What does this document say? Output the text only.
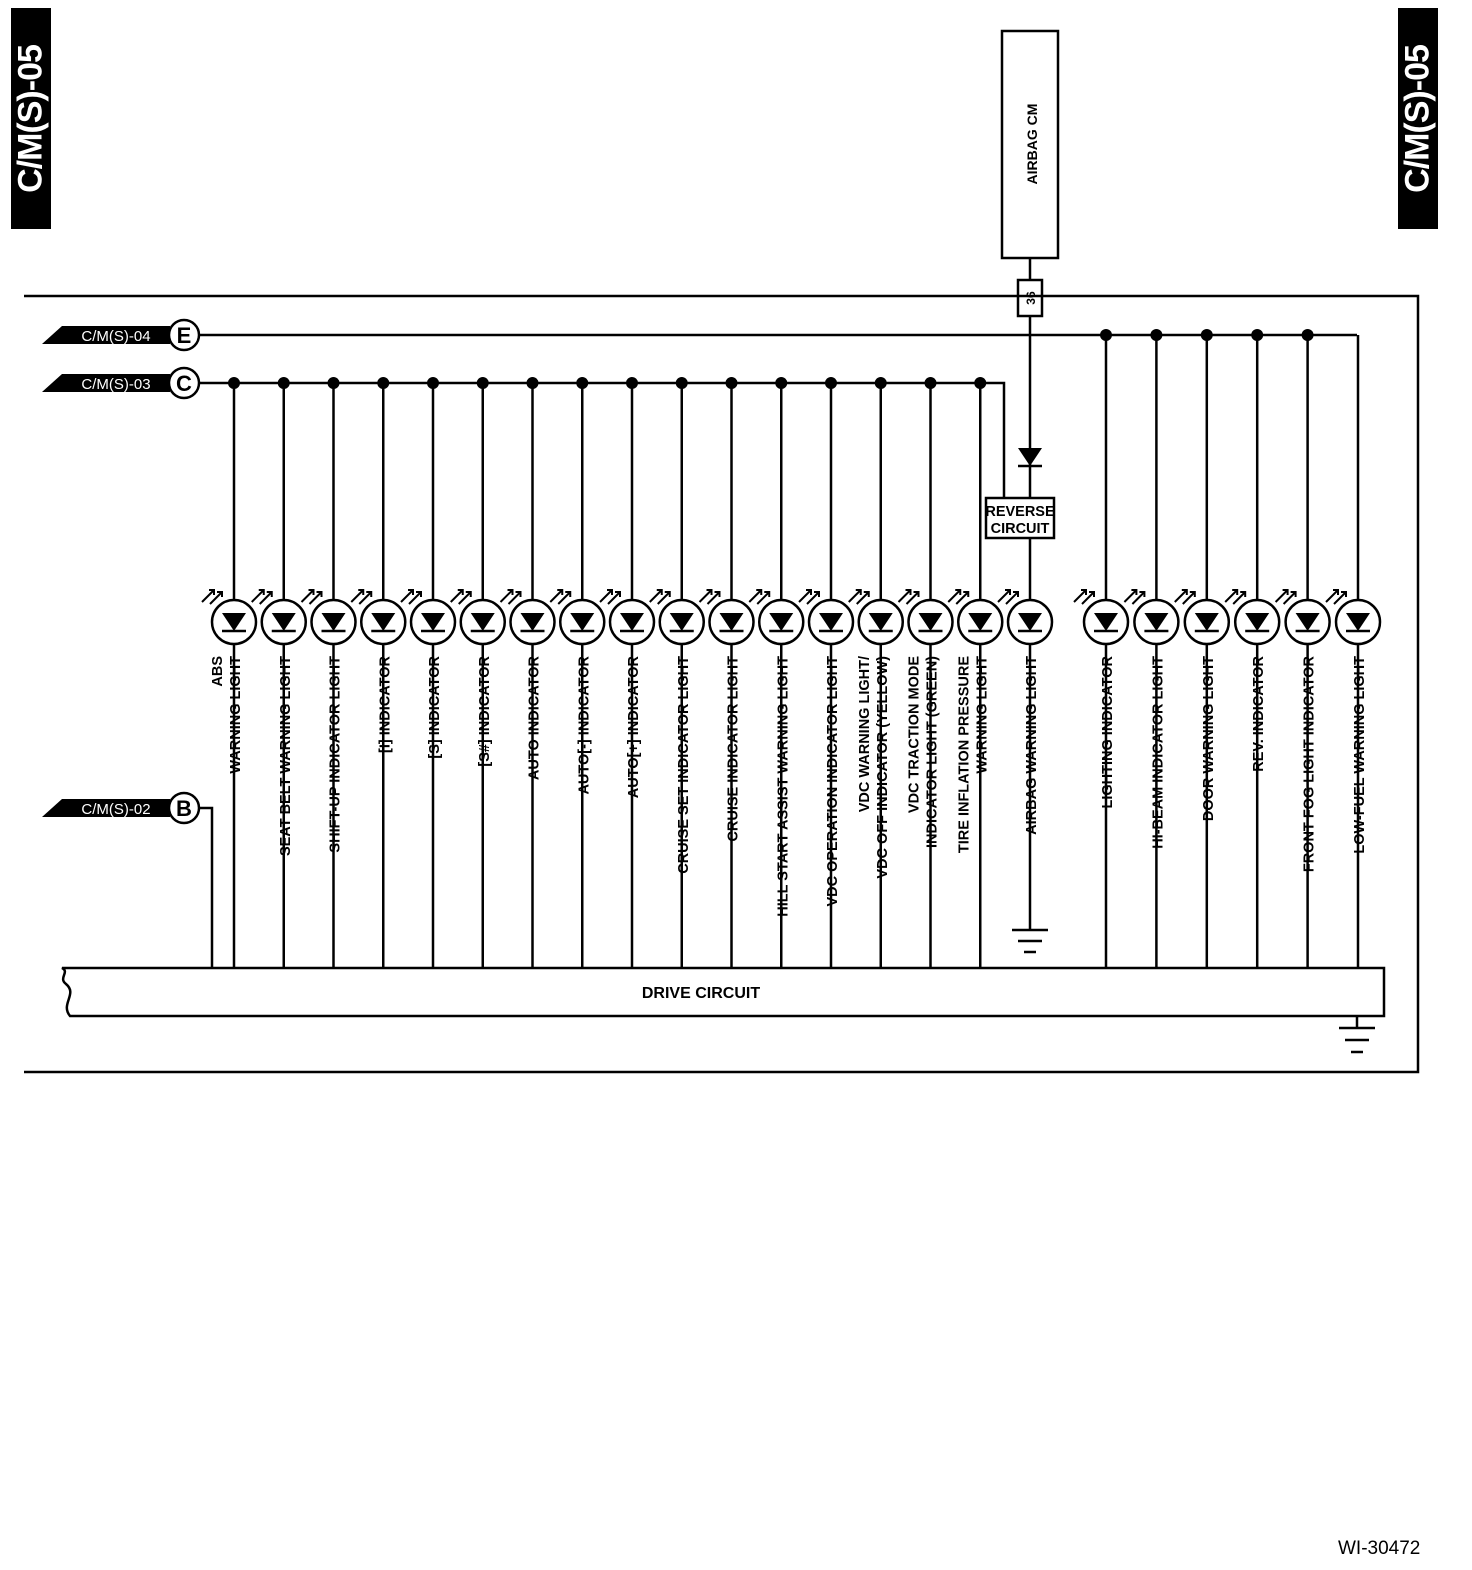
C/M(S)-05	C/M(S)-05
AIRBAG CM
36
DRIVE CIRCUIT
C/M(S)-04 E
C/M(S)-03 C
C/M(S)-02 B
ABS WARNING LIGHT SEAT BELT WARNING LIGHT SHIFT-UP INDICATOR LIGHT [I] INDICATOR [S] INDICATOR [S#] INDICATOR AUTO INDICATOR AUTO[-] INDICATOR AUTO[+] INDICATOR CRUISE SET INDICATOR LIGHT CRUISE INDICATOR LIGHT HILL START ASSIST WARNING LIGHT VDC OPERATION INDICATOR LIGHT VDC WARNING LIGHT/ VDC OFF INDICATOR (YELLOW) VDC TRACTION MODE INDICATOR LIGHT (GREEN) TIRE INFLATION PRESSURE WARNING LIGHT AIRBAG WARNING LIGHT	LIGHTING INDICATOR HI-BEAM INDICATOR LIGHT DOOR WARNING LIGHT REV. INDICATOR FRONT FOG LIGHT INDICATOR LOW-FUEL WARNING LIGHT
REVERSE
CIRCUIT
WI-30472
